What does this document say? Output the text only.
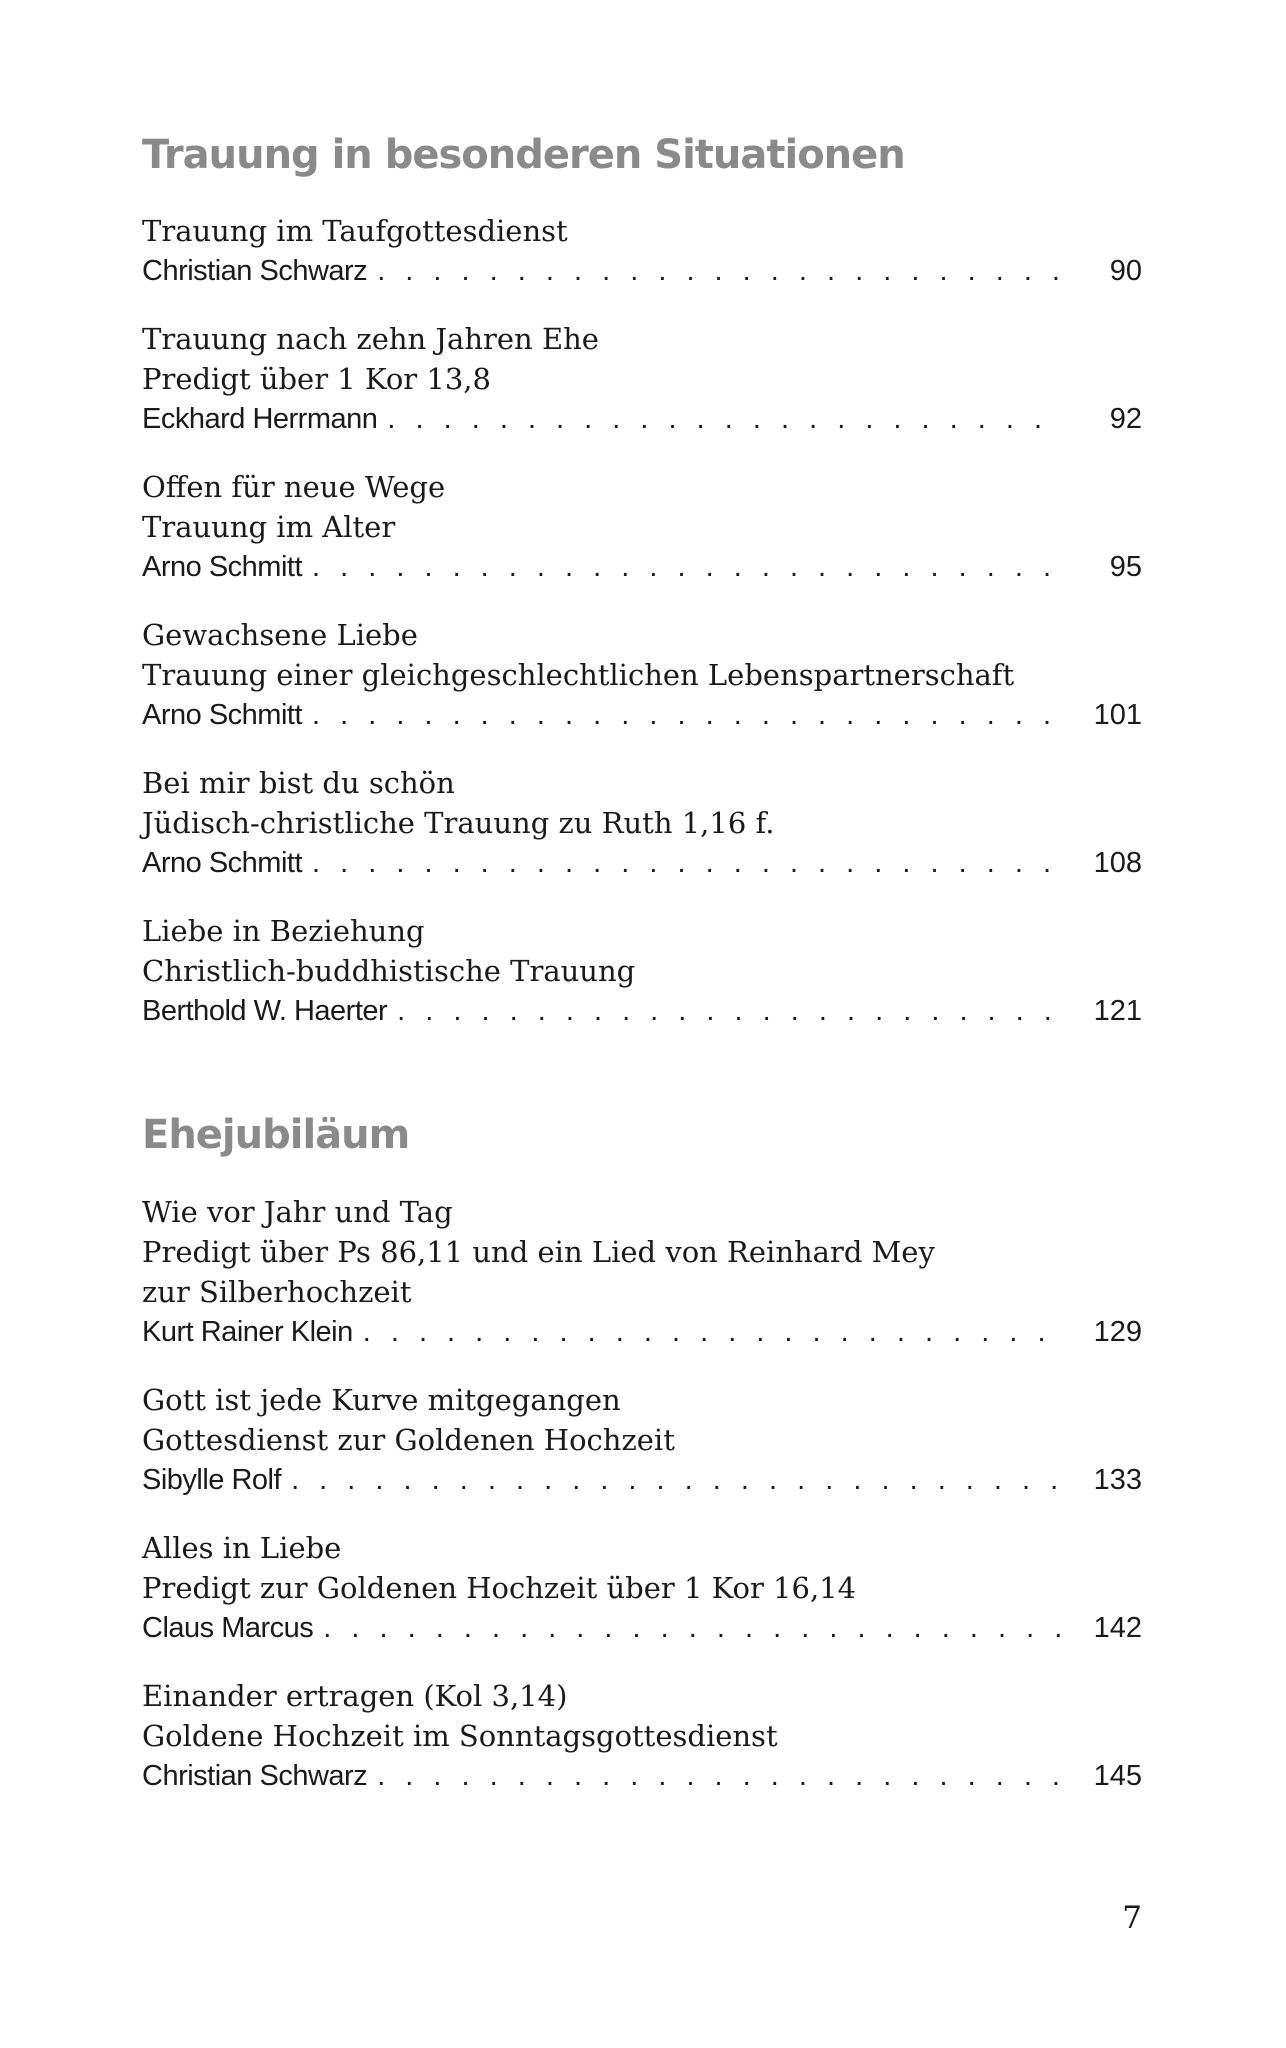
Trauung in besonderen Situationen
Trauung im Taufgottesdienst
Christian Schwarz . . .	90
Trauung nach zehn Jahren Ehe
Predigt über 1 Kor 13,8
Eckhard Herrmann . . .	92
Offen für neue Wege
Trauung im Alter
Arno Schmitt . . .	95
Gewachsene Liebe
Trauung einer gleichgeschlechtlichen Lebenspartnerschaft
Arno Schmitt . . .	101
Bei mir bist du schön
Jüdisch-christliche Trauung zu Ruth 1,16 f.
Arno Schmitt . . .	108
Liebe in Beziehung
Christlich-buddhistische Trauung
Berthold W. Haerter . . .	121
Ehejubiläum
Wie vor Jahr und Tag
Predigt über Ps 86,11 und ein Lied von Reinhard Mey
zur Silberhochzeit
Kurt Rainer Klein . . .	129
Gott ist jede Kurve mitgegangen
Gottesdienst zur Goldenen Hochzeit
Sibylle Rolf . . .	133
Alles in Liebe
Predigt zur Goldenen Hochzeit über 1 Kor 16,14
Claus Marcus . . .	142
Einander ertragen (Kol 3,14)
Goldene Hochzeit im Sonntagsgottesdienst
Christian Schwarz . . .	145
7
